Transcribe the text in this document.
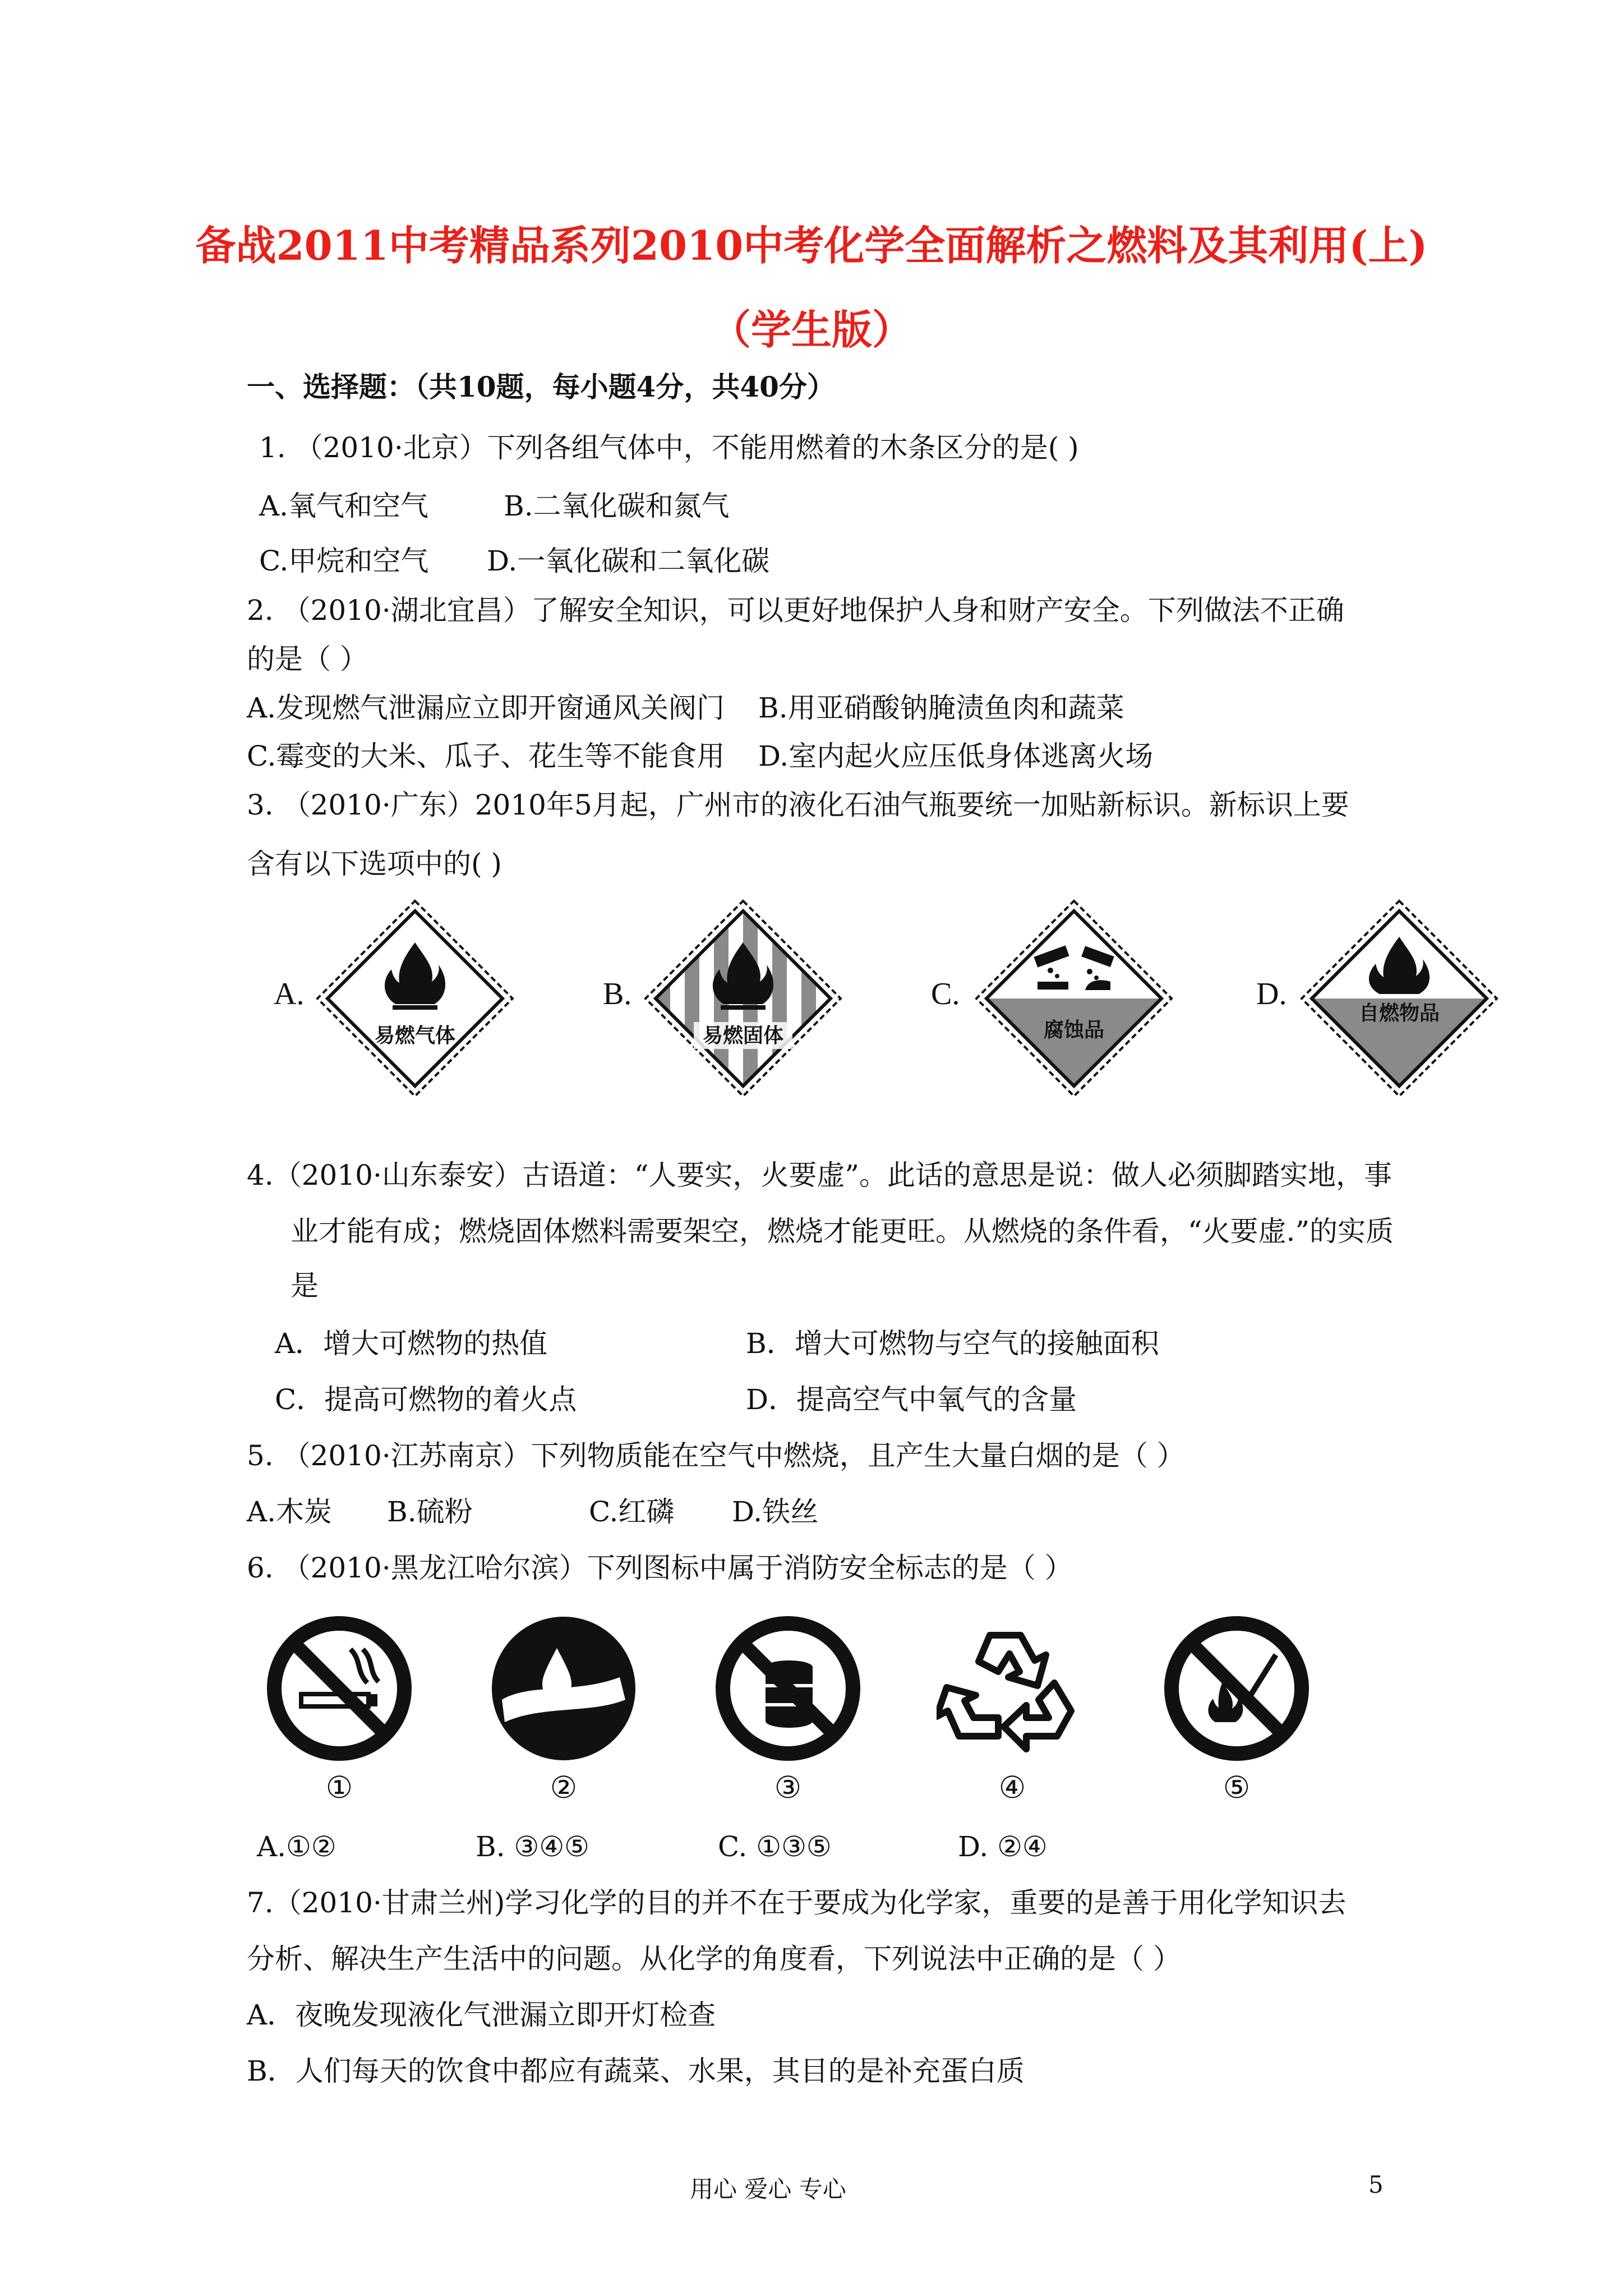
备战2011中考精品系列2010中考化学全面解析之燃料及其利用(上)
（学生版）
一、选择题：（共10题，每小题4分，共40分）
1. （2010·北京）下列各组气体中，不能用燃着的木条区分的是( )
A.氧气和空气	B.二氧化碳和氮气
C.甲烷和空气 D.一氧化碳和二氧化碳
2. （2010·湖北宜昌）了解安全知识，可以更好地保护人身和财产安全。下列做法不正确
的是（ ）
A.发现燃气泄漏应立即开窗通风关阀门 B.用亚硝酸钠腌渍鱼肉和蔬菜
C.霉变的大米、瓜子、花生等不能食用 D.室内起火应压低身体逃离火场
3. （2010·广东）2010年5月起，广州市的液化石油气瓶要统一加贴新标识。新标识上要
含有以下选项中的( )
A.
易燃气体
B.
易燃固体
C.
腐蚀品
D.
自燃物品
4.（2010·山东泰安）古语道：“人要实，火要虚”。此话的意思是说：做人必须脚踏实地，事
业才能有成；燃烧固体燃料需要架空，燃烧才能更旺。从燃烧的条件看，“火要虚.”的实质
是
A．增大可燃物的热值	B．增大可燃物与空气的接触面积
C．提高可燃物的着火点	D．提高空气中氧气的含量
5. （2010·江苏南京）下列物质能在空气中燃烧，且产生大量白烟的是（ ）
A.木炭 B.硫粉	C.红磷 D.铁丝
6. （2010·黑龙江哈尔滨）下列图标中属于消防安全标志的是（ ）
①	②	③	④	⑤
A.①②	B. ③④⑤	C. ①③⑤	D. ②④
7.（2010·甘肃兰州)学习化学的目的并不在于要成为化学家，重要的是善于用化学知识去
分析、解决生产生活中的问题。从化学的角度看，下列说法中正确的是（ ）
A．夜晚发现液化气泄漏立即开灯检查
B．人们每天的饮食中都应有蔬菜、水果，其目的是补充蛋白质
用心 爱心 专心	5
